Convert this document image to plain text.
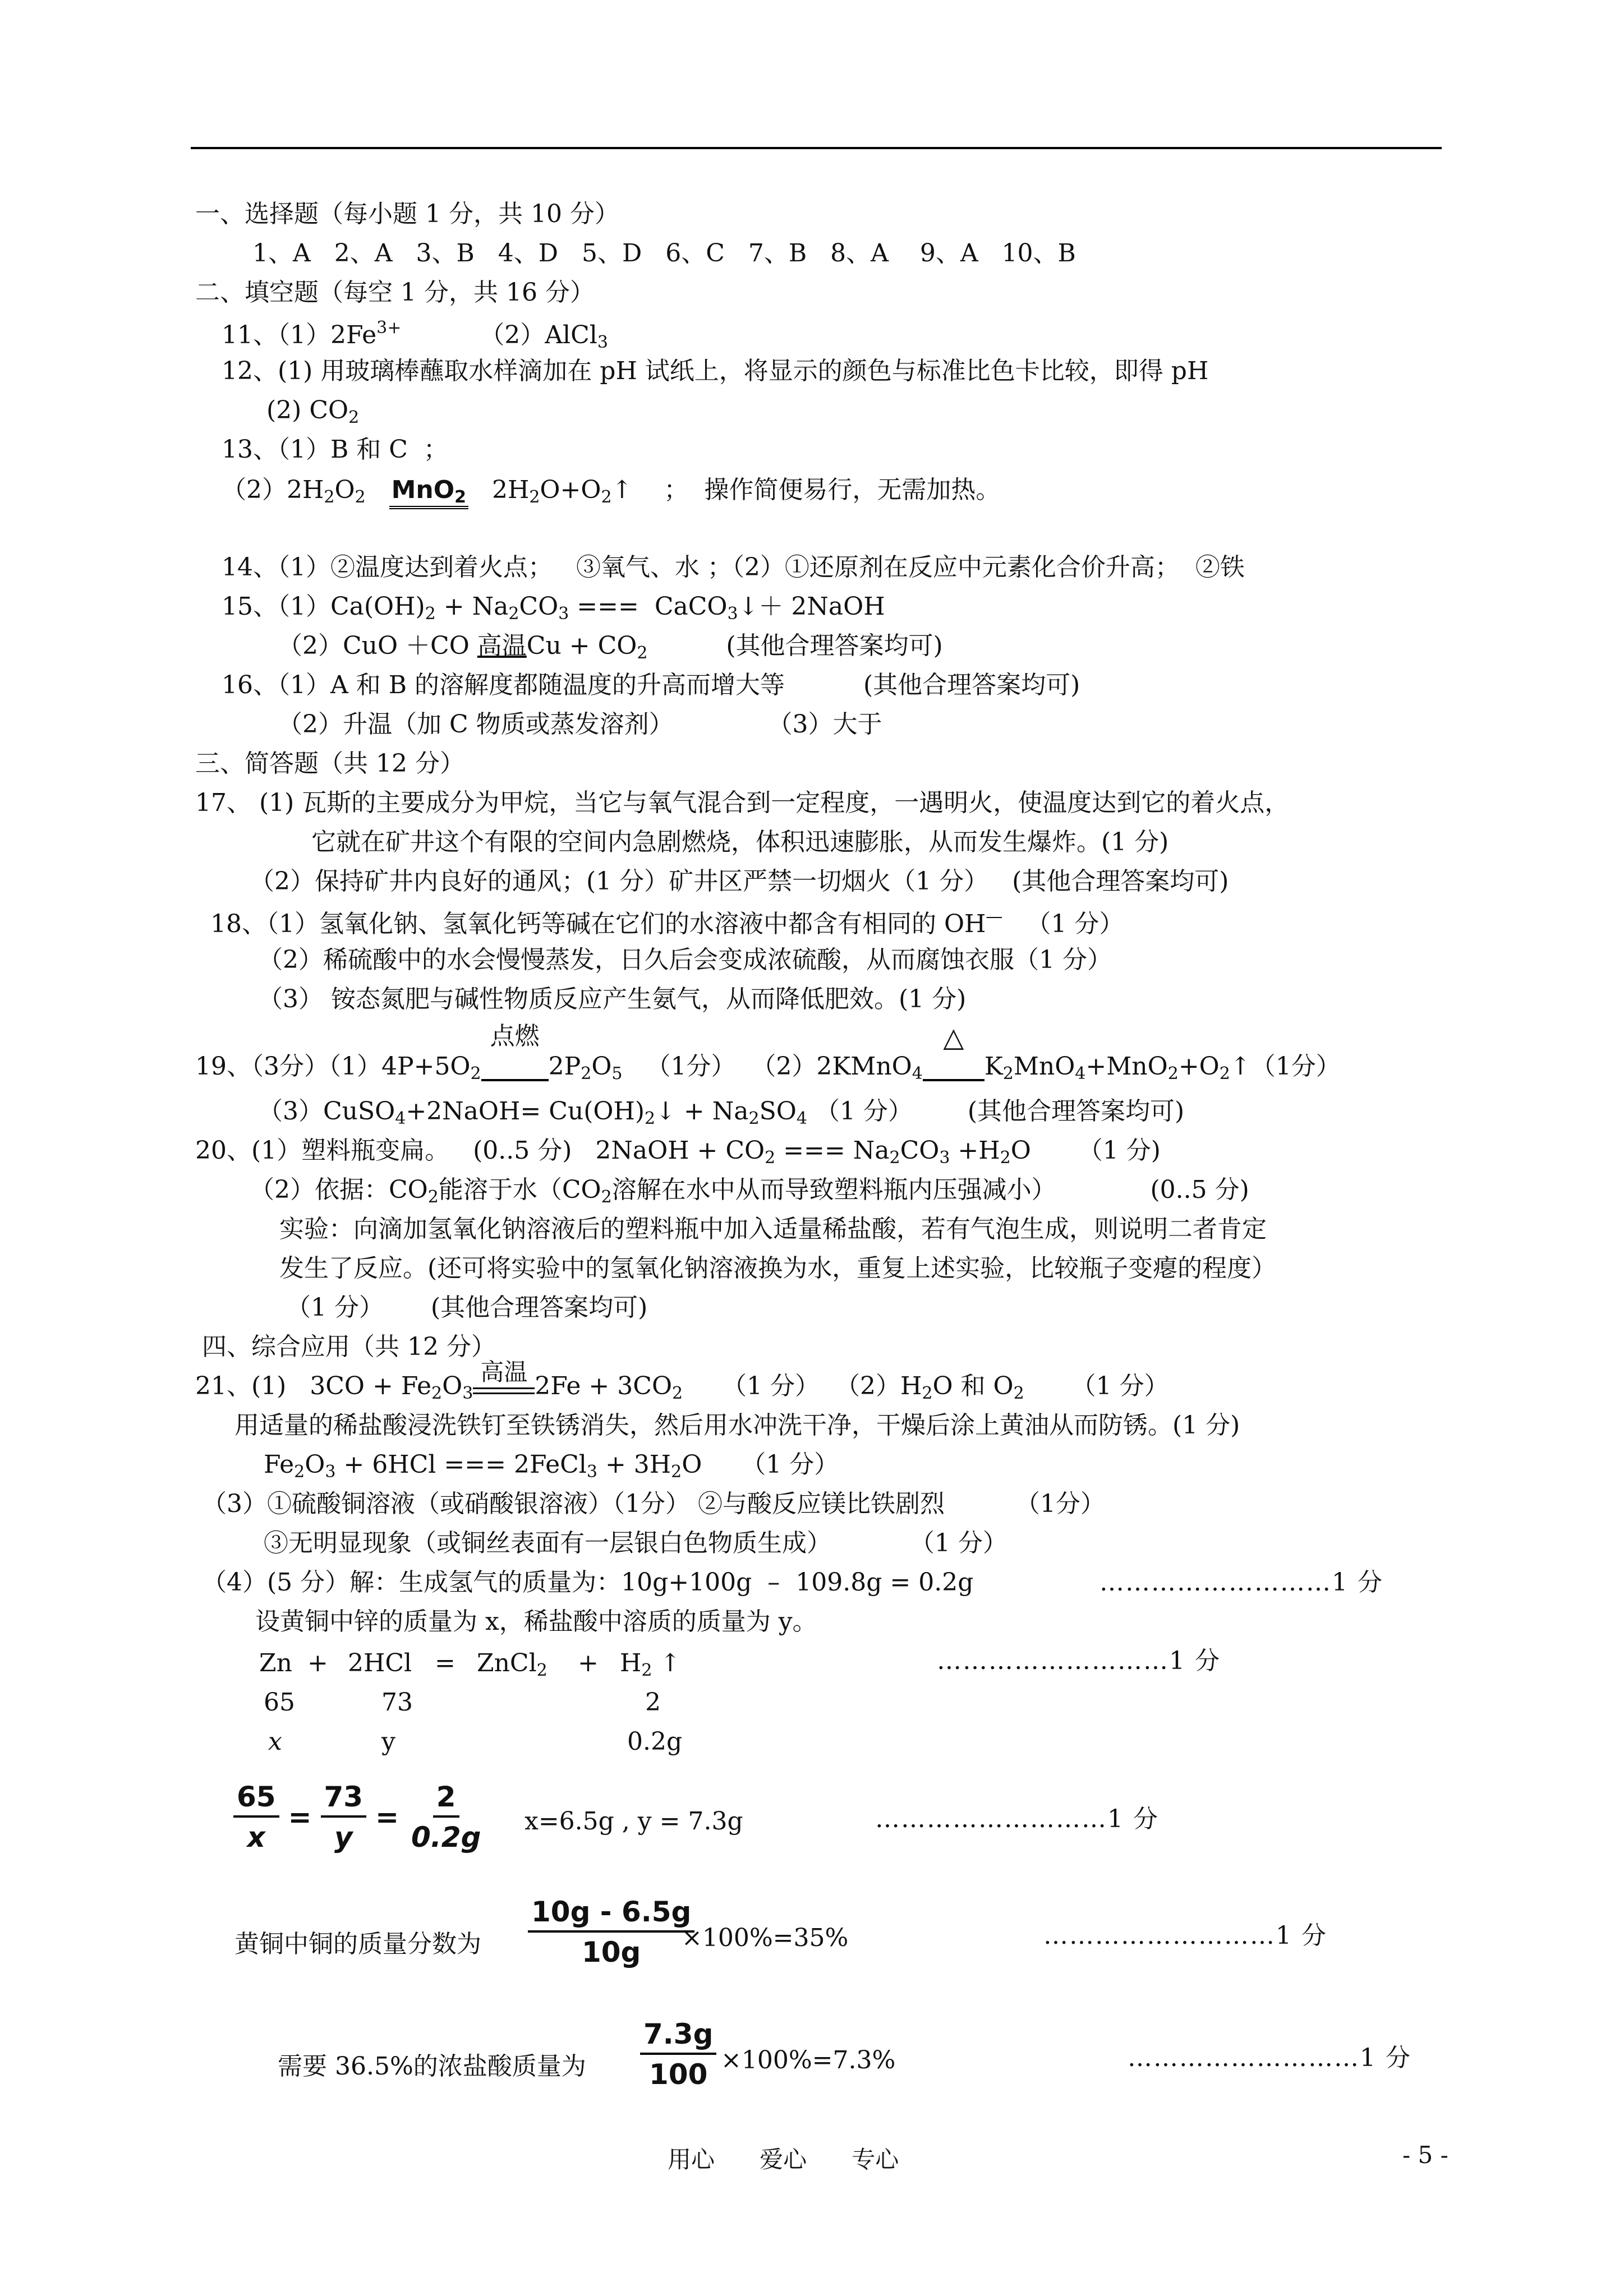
一、选择题（每小题 1 分，共 10 分）
1、A   2、A   3、B   4、D   5、D   6、C   7、B   8、A    9、A   10、B
二、填空题（每空 1 分，共 16 分）
11、$(1)2Fe^{3+}$	（2）AlCl$_3$
12、(1) 用玻璃棒蘸取水样滴加在 pH 试纸上，将显示的颜色与标准比色卡比较，即得 pH
(2) $CO_2$
13、（1）B 和 C  ；
$(2)2H_2O_2$ MnO$_2$ $2H_2O+O_2↑$    ；  操作简便易行，无需加热。
14、（1）②温度达到着火点；   ③氧气、水 ；（2）①还原剂在反应中元素化合价升高；  ②铁
15、$(1)Ca(OH)_2 + Na_2CO_3$ ===  CaCO$_3$↓＋ 2NaOH
（2）CuO ＋CO 高温$Cu + CO_2$	(其他合理答案均可)
16、（1）A 和 B 的溶解度都随温度的升高而增大等	(其他合理答案均可)
（2）升温（加 C 物质或蒸发溶剂）	（3）大于
三、简答题（共 12 分）
17、 (1) 瓦斯的主要成分为甲烷，当它与氧气混合到一定程度，一遇明火，使温度达到它的着火点，
它就在矿井这个有限的空间内急剧燃烧，体积迅速膨胀，从而发生爆炸。(1 分)
（2）保持矿井内良好的通风；(1 分）矿井区严禁一切烟火（1 分）   (其他合理答案均可)
18、（1）氢氧化钠、氢氧化钙等碱在它们的水溶液中都含有相同的 OH— （1 分）
（2）稀硫酸中的水会慢慢蒸发，日久后会变成浓硫酸，从而腐蚀衣服（1 分）
（3） 铵态氮肥与碱性物质反应产生氨气，从而降低肥效。(1 分)
19、（3分）$(1)4P+5O_2$
点燃
$2P_2O_5$ （1分）  （2）2KMnO$_4$
△
$K_2MnO_4+MnO_2+O_2↑(1$分）
（3）CuSO$_4$+2NaOH= $Cu(OH)_2↓ + Na_2SO_4$ （1 分） (其他合理答案均可)
20、(1）塑料瓶变扁。   (0..5 分)   2NaOH + $CO_2$ === $Na_2CO_3 +H_2O$ （1 分)
（2）依据：$CO_2$能溶于水（$CO_2$溶解在水中从而导致塑料瓶内压强减小）	(0..5 分)
实验：向滴加氢氧化钠溶液后的塑料瓶中加入适量稀盐酸，若有气泡生成，则说明二者肯定
发生了反应。(还可将实验中的氢氧化钠溶液换为水，重复上述实验，比较瓶子变瘪的程度）
（1 分）      (其他合理答案均可)
四、综合应用（共 12 分）
21、(1)   $3CO + Fe_2O_3$
高温 $2Fe + 3CO_2$ （1 分）  $(2)H_2O$ 和 $O_2$ （1 分）
用适量的稀盐酸浸洗铁钉至铁锈消失，然后用水冲洗干净，干燥后涂上黄油从而防锈。(1 分)
$Fe_2O_3 + 6HCl$ === 2FeCl$_3$ + $3H_2O$ （1 分）
（3）①硫酸铜溶液（或硝酸银溶液）（1分） ②与酸反应镁比铁剧烈	（1分）
③无明显现象（或铜丝表面有一层银白色物质生成）	（1 分）
（4）(5 分）解：生成氢气的质量为：10g+100g  –  109.8g = 0.2g	………………………1 分
设黄铜中锌的质量为 x，稀盐酸中溶质的质量为 y。
Zn + 2HCl = ZnCl$_2$ + $H_2$ ↑	………………………1 分
65	73	2
x	y	0.2g
$\frac{65}{x} = \frac{73}{y} = \frac{2}{0.2g} x=6.5g$ , y = 7.3g	………………………1 分
黄铜中铜的质量分数为
10g - 6.5g
10g ×100%=35%	………………………1 分
需要 36.5%的浓盐酸质量为
7.3g
100 ×100%=7.3%	………………………1 分
用心      爱心      专心	- 5 -
